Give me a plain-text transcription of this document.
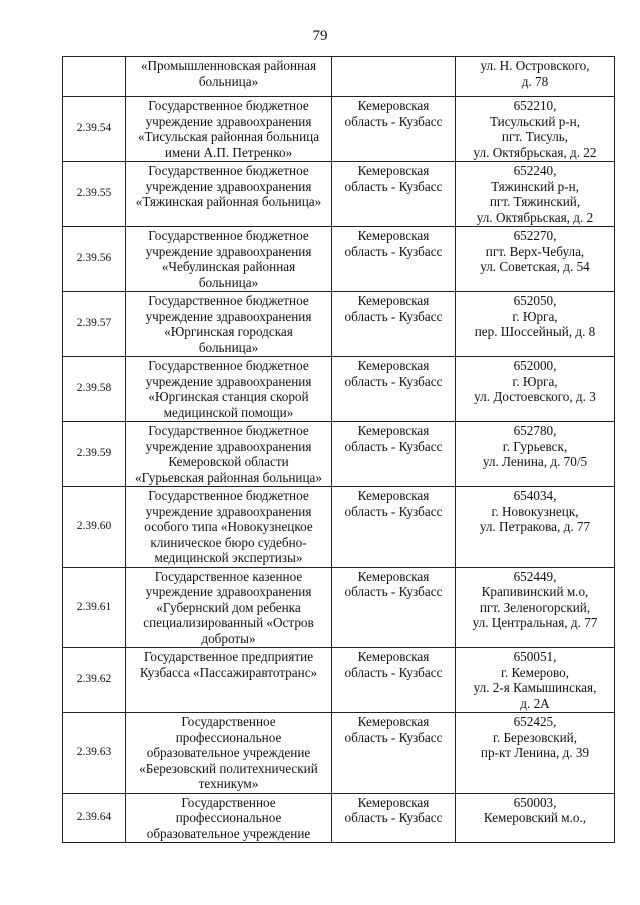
79

	«Промышленновская районная
больница»		ул. Н. Островского,
д. 78

2.39.54	Государственное бюджетное
учреждение здравоохранения
«Тисульская районная больница
имени А.П. Петренко»	Кемеровская
область - Кузбасс	652210,
Тисульский р-н,
пгт. Тисуль,
ул. Октябрьская, д. 22

2.39.55	Государственное бюджетное
учреждение здравоохранения
«Тяжинская районная больница»	Кемеровская
область - Кузбасс	652240,
Тяжинский р-н,
пгт. Тяжинский,
ул. Октябрьская, д. 2

2.39.56	Государственное бюджетное
учреждение здравоохранения
«Чебулинская районная
больница»	Кемеровская
область - Кузбасс	652270,
пгт. Верх-Чебула,
ул. Советская, д. 54

2.39.57	Государственное бюджетное
учреждение здравоохранения
«Юргинская городская
больница»	Кемеровская
область - Кузбасс	652050,
г. Юрга,
пер. Шоссейный, д. 8

2.39.58	Государственное бюджетное
учреждение здравоохранения
«Юргинская станция скорой
медицинской помощи»	Кемеровская
область - Кузбасс	652000,
г. Юрга,
ул. Достоевского, д. 3

2.39.59	Государственное бюджетное
учреждение здравоохранения
Кемеровской области
«Гурьевская районная больница»	Кемеровская
область - Кузбасс	652780,
г. Гурьевск,
ул. Ленина, д. 70/5

2.39.60	Государственное бюджетное
учреждение здравоохранения
особого типа «Новокузнецкое
клиническое бюро судебно-
медицинской экспертизы»	Кемеровская
область - Кузбасс	654034,
г. Новокузнецк,
ул. Петракова, д. 77

2.39.61	Государственное казенное
учреждение здравоохранения
«Губернский дом ребенка
специализированный «Остров
доброты»	Кемеровская
область - Кузбасс	652449,
Крапивинский м.о,
пгт. Зеленогорский,
ул. Центральная, д. 77

2.39.62	Государственное предприятие
Кузбасса «Пассажиравтотранс»	Кемеровская
область - Кузбасс	650051,
г. Кемерово,
ул. 2-я Камышинская,
д. 2А

2.39.63	Государственное
профессиональное
образовательное учреждение
«Березовский политехнический
техникум»	Кемеровская
область - Кузбасс	652425,
г. Березовский,
пр-кт Ленина, д. 39

2.39.64	Государственное
профессиональное
образовательное учреждение	Кемеровская
область - Кузбасс	650003,
Кемеровский м.о.,
